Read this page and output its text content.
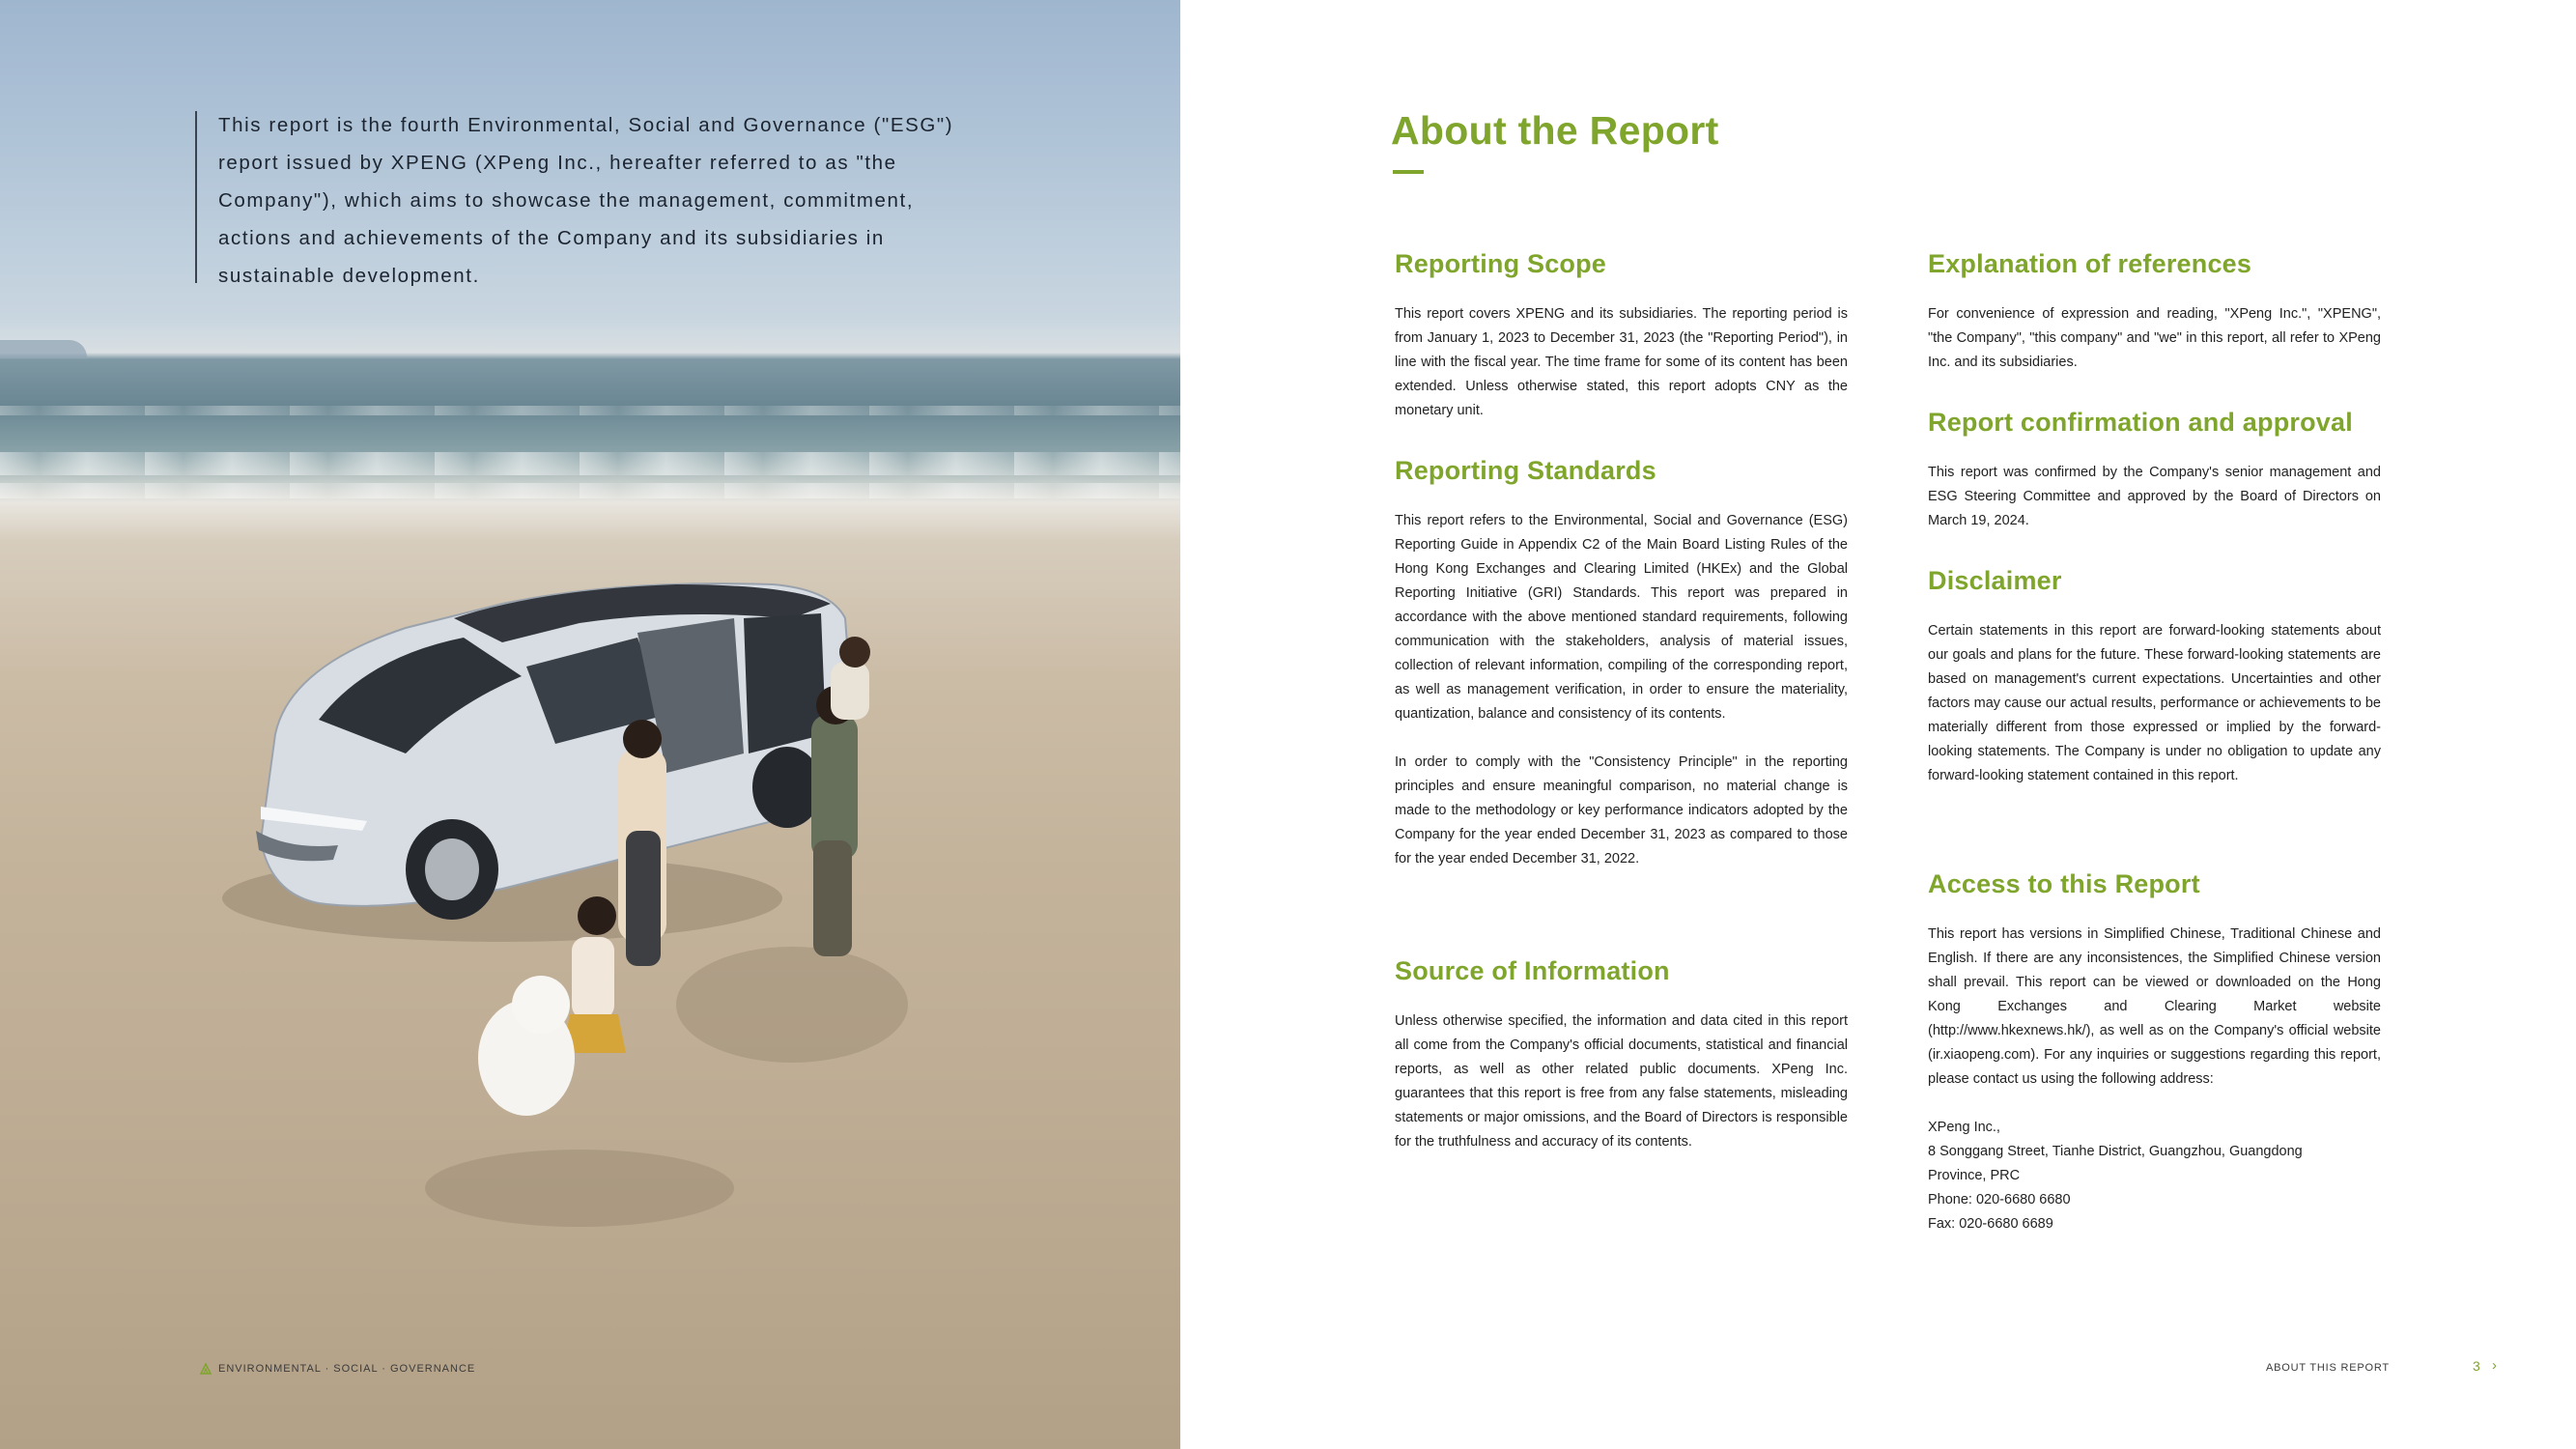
This report is the fourth Environmental, Social and Governance ("ESG") report issued by XPENG (XPeng Inc., hereafter referred to as "the Company"), which aims to showcase the management, commitment, actions and achievements of the Company and its subsidiaries in sustainable development.
ENVIRONMENTAL · SOCIAL · GOVERNANCE
About the Report
Reporting Scope

This report covers XPENG and its subsidiaries. The reporting period is from January 1, 2023 to December 31, 2023 (the "Reporting Period"), in line with the fiscal year. The time frame for some of its content has been extended. Unless otherwise stated, this report adopts CNY as the monetary unit.

Reporting Standards

This report refers to the Environmental, Social and Governance (ESG) Reporting Guide in Appendix C2 of the Main Board Listing Rules of the Hong Kong Exchanges and Clearing Limited (HKEx) and the Global Reporting Initiative (GRI) Standards. This report was prepared in accordance with the above mentioned standard requirements, following communication with the stakeholders, analysis of material issues, collection of relevant information, compiling of the corresponding report, as well as management verification, in order to ensure the materiality, quantization, balance and consistency of its contents.

In order to comply with the "Consistency Principle" in the reporting principles and ensure meaningful comparison, no material change is made to the methodology or key performance indicators adopted by the Company for the year ended December 31, 2023 as compared to those for the year ended December 31, 2022.

Source of Information

Unless otherwise specified, the information and data cited in this report all come from the Company's official documents, statistical and financial reports, as well as other related public documents. XPeng Inc. guarantees that this report is free from any false statements, misleading statements or major omissions, and the Board of Directors is responsible for the truthfulness and accuracy of its contents.

Explanation of references

For convenience of expression and reading, "XPeng Inc.", "XPENG", "the Company", "this company" and "we" in this report, all refer to XPeng Inc. and its subsidiaries.

Report confirmation and approval

This report was confirmed by the Company's senior management and ESG Steering Committee and approved by the Board of Directors on March 19, 2024.

Disclaimer

Certain statements in this report are forward-looking statements about our goals and plans for the future. These forward-looking statements are based on management's current expectations. Uncertainties and other factors may cause our actual results, performance or achievements to be materially different from those expressed or implied by the forward-looking statements. The Company is under no obligation to update any forward-looking statement contained in this report.

Access to this Report

This report has versions in Simplified Chinese, Traditional Chinese and English. If there are any inconsistences, the Simplified Chinese version shall prevail. This report can be viewed or downloaded on the Hong Kong Exchanges and Clearing Market website (http://www.hkexnews.hk/), as well as on the Company's official website (ir.xiaopeng.com). For any inquiries or suggestions regarding this report, please contact us using the following address:

XPeng Inc.,
8 Songgang Street, Tianhe District, Guangzhou, Guangdong
Province, PRC
Phone: 020-6680 6680
Fax: 020-6680 6689
ABOUT THIS REPORT	3 ›
